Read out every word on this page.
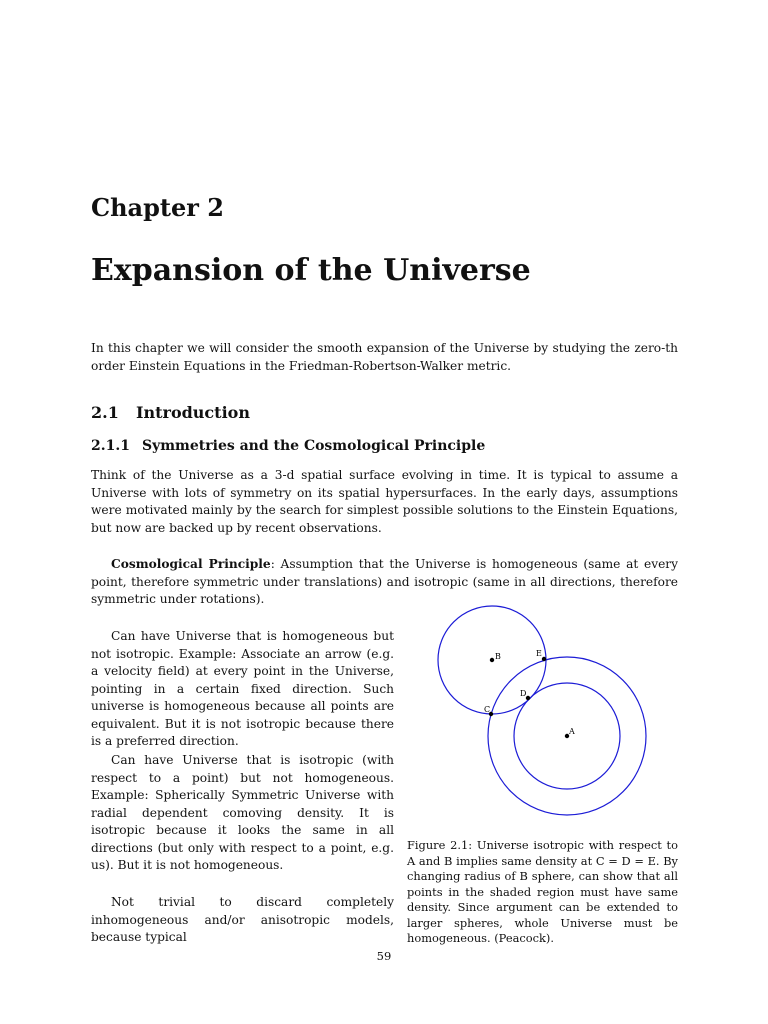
Chapter 2
Expansion of the Universe
In this chapter we will consider the smooth expansion of the Universe by studying the zero-th order Einstein Equations in the Friedman-Robertson-Walker metric.
2.1 Introduction
2.1.1 Symmetries and the Cosmological Principle
Think of the Universe as a 3-d spatial surface evolving in time. It is typical to assume a Universe with lots of symmetry on its spatial hypersurfaces. In the early days, assumptions were motivated mainly by the search for simplest possible solutions to the Einstein Equations, but now are backed up by recent observations.
Cosmological Principle: Assumption that the Universe is homogeneous (same at every point, therefore symmetric under translations) and isotropic (same in all directions, therefore symmetric under rotations).
Can have Universe that is homogeneous but not isotropic. Example: Associate an arrow (e.g. a velocity field) at every point in the Universe, pointing in a certain fixed direction. Such universe is homogeneous because all points are equivalent. But it is not isotropic because there is a preferred direction.
Can have Universe that is isotropic (with respect to a point) but not homogeneous. Example: Spherically Symmetric Universe with radial dependent comoving density. It is isotropic because it looks the same in all directions (but only with respect to a point, e.g. us). But it is not homogeneous.
Not trivial to discard completely inhomogeneous and/or anisotropic models, because typical
B
A
E
D
C
Figure 2.1: Universe isotropic with respect to A and B implies same density at C = D = E. By changing radius of B sphere, can show that all points in the shaded region must have same density. Since argument can be extended to larger spheres, whole Universe must be homogeneous. (Peacock).
59
